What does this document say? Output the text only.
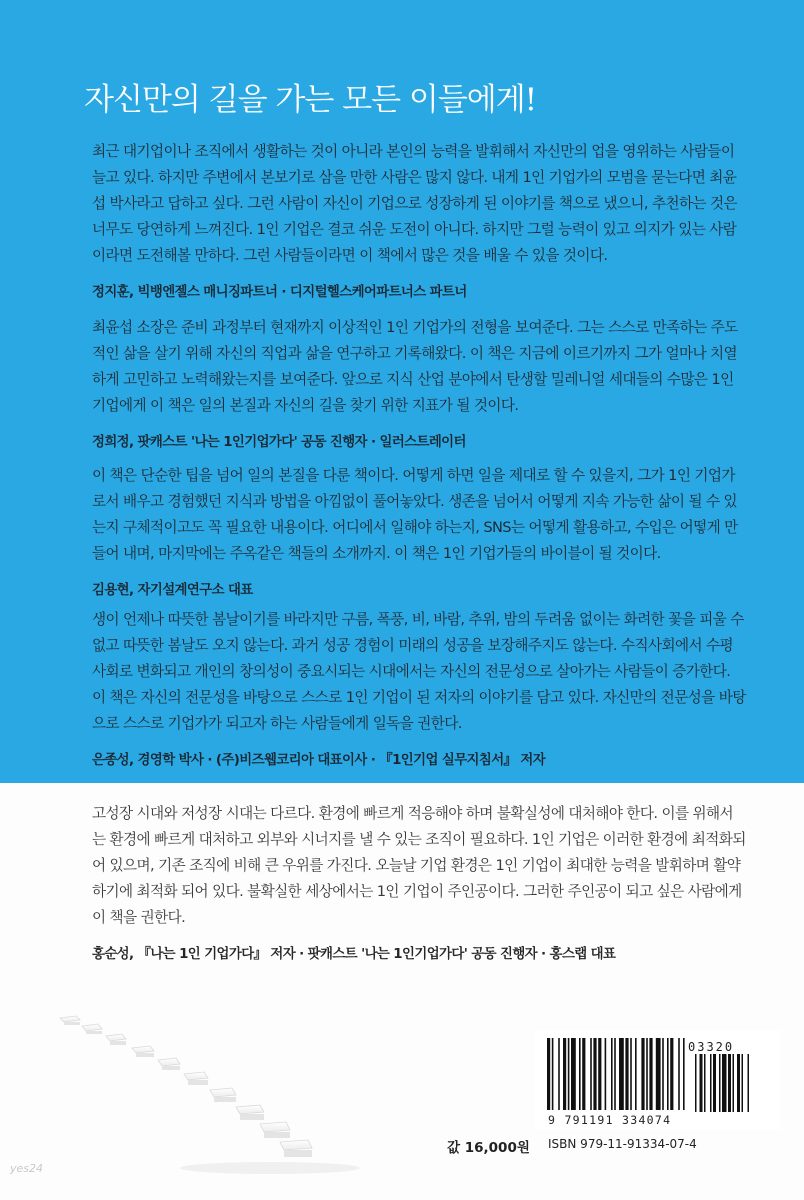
자신만의 길을 가는 모든 이들에게!

최근 대기업이나 조직에서 생활하는 것이 아니라 본인의 능력을 발휘해서 자신만의 업을 영위하는 사람들이
늘고 있다. 하지만 주변에서 본보기로 삼을 만한 사람은 많지 않다. 내게 1인 기업가의 모범을 묻는다면 최윤
섭 박사라고 답하고 싶다. 그런 사람이 자신이 기업으로 성장하게 된 이야기를 책으로 냈으니, 추천하는 것은
너무도 당연하게 느껴진다. 1인 기업은 결코 쉬운 도전이 아니다. 하지만 그럴 능력이 있고 의지가 있는 사람
이라면 도전해볼 만하다. 그런 사람들이라면 이 책에서 많은 것을 배울 수 있을 것이다.

정지훈, 빅뱅엔젤스 매니징파트너 · 디지털헬스케어파트너스 파트너

최윤섭 소장은 준비 과정부터 현재까지 이상적인 1인 기업가의 전형을 보여준다. 그는 스스로 만족하는 주도
적인 삶을 살기 위해 자신의 직업과 삶을 연구하고 기록해왔다. 이 책은 지금에 이르기까지 그가 얼마나 치열
하게 고민하고 노력해왔는지를 보여준다. 앞으로 지식 산업 분야에서 탄생할 밀레니얼 세대들의 수많은 1인
기업에게 이 책은 일의 본질과 자신의 길을 찾기 위한 지표가 될 것이다.

정희정, 팟캐스트 '나는 1인기업가다' 공동 진행자 · 일러스트레이터

이 책은 단순한 팁을 넘어 일의 본질을 다룬 책이다. 어떻게 하면 일을 제대로 할 수 있을지, 그가 1인 기업가
로서 배우고 경험했던 지식과 방법을 아낌없이 풀어놓았다. 생존을 넘어서 어떻게 지속 가능한 삶이 될 수 있
는지 구체적이고도 꼭 필요한 내용이다. 어디에서 일해야 하는지, SNS는 어떻게 활용하고, 수입은 어떻게 만
들어 내며, 마지막에는 주옥같은 책들의 소개까지. 이 책은 1인 기업가들의 바이블이 될 것이다.

김용현, 자기설계연구소 대표

생이 언제나 따뜻한 봄날이기를 바라지만 구름, 폭풍, 비, 바람, 추위, 밤의 두려움 없이는 화려한 꽃을 피울 수
없고 따뜻한 봄날도 오지 않는다. 과거 성공 경험이 미래의 성공을 보장해주지도 않는다. 수직사회에서 수평
사회로 변화되고 개인의 창의성이 중요시되는 시대에서는 자신의 전문성으로 살아가는 사람들이 증가한다.
이 책은 자신의 전문성을 바탕으로 스스로 1인 기업이 된 저자의 이야기를 담고 있다. 자신만의 전문성을 바탕
으로 스스로 기업가가 되고자 하는 사람들에게 일독을 권한다.

은종성, 경영학 박사 · (주)비즈웹코리아 대표이사 · 『1인기업 실무지침서』 저자

고성장 시대와 저성장 시대는 다르다. 환경에 빠르게 적응해야 하며 불확실성에 대처해야 한다. 이를 위해서
는 환경에 빠르게 대처하고 외부와 시너지를 낼 수 있는 조직이 필요하다. 1인 기업은 이러한 환경에 최적화되
어 있으며, 기존 조직에 비해 큰 우위를 가진다. 오늘날 기업 환경은 1인 기업이 최대한 능력을 발휘하며 활약
하기에 최적화 되어 있다. 불확실한 세상에서는 1인 기업이 주인공이다. 그러한 주인공이 되고 싶은 사람에게
이 책을 권한다.

홍순성, 『나는 1인 기업가다』 저자 · 팟캐스트 '나는 1인기업가다' 공동 진행자 · 홍스랩 대표
yes24
03320
9 791191 334074
ISBN 979-11-91334-07-4
값 16,000원
